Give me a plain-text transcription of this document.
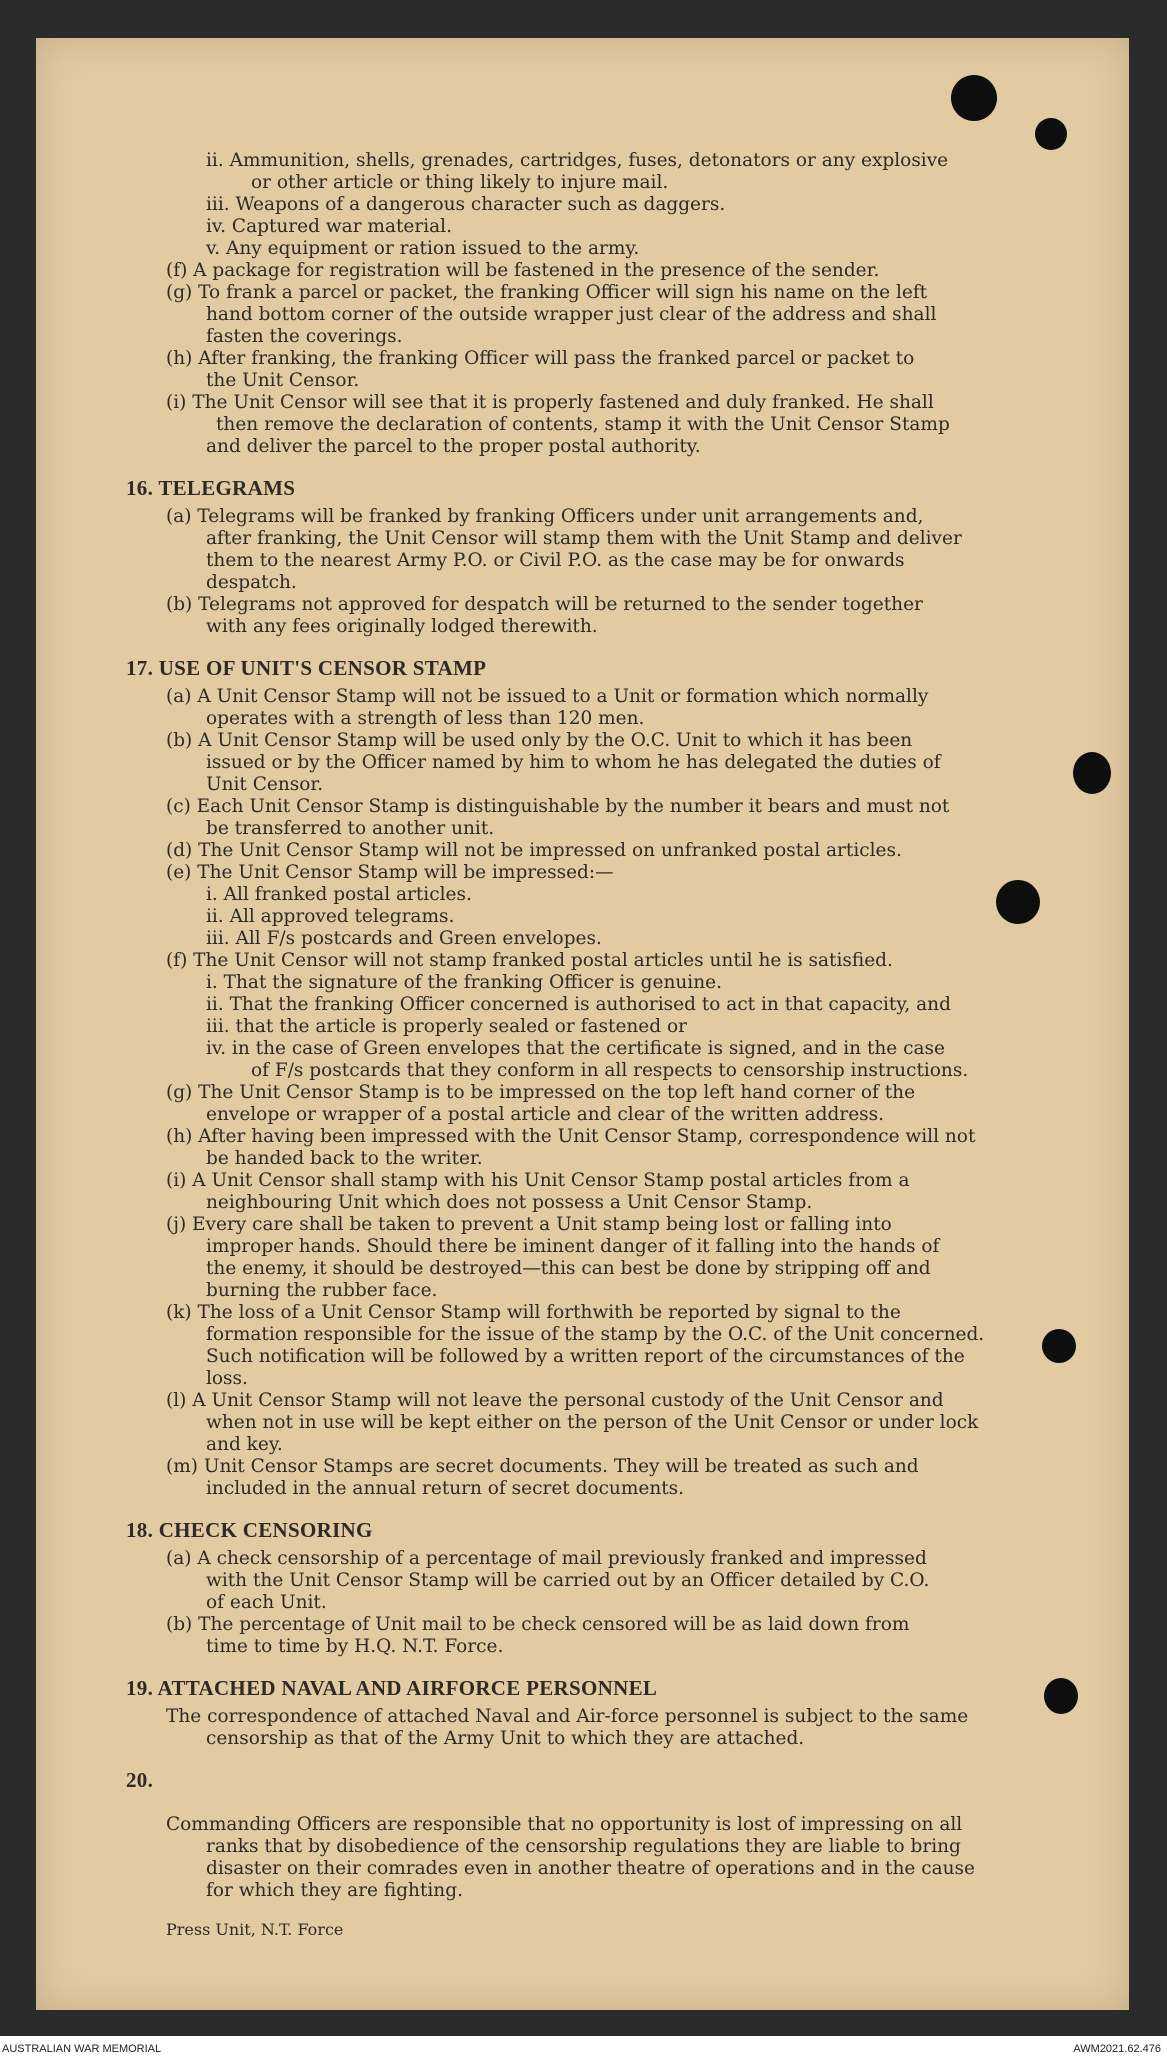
ii. Ammunition, shells, grenades, cartridges, fuses, detonators or any explosive
or other article or thing likely to injure mail.
iii. Weapons of a dangerous character such as daggers.
iv. Captured war material.
v. Any equipment or ration issued to the army.
(f) A package for registration will be fastened in the presence of the sender.
(g) To frank a parcel or packet, the franking Officer will sign his name on the left
hand bottom corner of the outside wrapper just clear of the address and shall
fasten the coverings.
(h) After franking, the franking Officer will pass the franked parcel or packet to
the Unit Censor.
(i) The Unit Censor will see that it is properly fastened and duly franked. He shall
then remove the declaration of contents, stamp it with the Unit Censor Stamp
and deliver the parcel to the proper postal authority.
16. TELEGRAMS
(a) Telegrams will be franked by franking Officers under unit arrangements and,
after franking, the Unit Censor will stamp them with the Unit Stamp and deliver
them to the nearest Army P.O. or Civil P.O. as the case may be for onwards
despatch.
(b) Telegrams not approved for despatch will be returned to the sender together
with any fees originally lodged therewith.
17. USE OF UNIT'S CENSOR STAMP
(a) A Unit Censor Stamp will not be issued to a Unit or formation which normally
operates with a strength of less than 120 men.
(b) A Unit Censor Stamp will be used only by the O.C. Unit to which it has been
issued or by the Officer named by him to whom he has delegated the duties of
Unit Censor.
(c) Each Unit Censor Stamp is distinguishable by the number it bears and must not
be transferred to another unit.
(d) The Unit Censor Stamp will not be impressed on unfranked postal articles.
(e) The Unit Censor Stamp will be impressed:—
i. All franked postal articles.
ii. All approved telegrams.
iii. All F/s postcards and Green envelopes.
(f) The Unit Censor will not stamp franked postal articles until he is satisfied.
i. That the signature of the franking Officer is genuine.
ii. That the franking Officer concerned is authorised to act in that capacity, and
iii. that the article is properly sealed or fastened or
iv. in the case of Green envelopes that the certificate is signed, and in the case
of F/s postcards that they conform in all respects to censorship instructions.
(g) The Unit Censor Stamp is to be impressed on the top left hand corner of the
envelope or wrapper of a postal article and clear of the written address.
(h) After having been impressed with the Unit Censor Stamp, correspondence will not
be handed back to the writer.
(i) A Unit Censor shall stamp with his Unit Censor Stamp postal articles from a
neighbouring Unit which does not possess a Unit Censor Stamp.
(j) Every care shall be taken to prevent a Unit stamp being lost or falling into
improper hands. Should there be iminent danger of it falling into the hands of
the enemy, it should be destroyed—this can best be done by stripping off and
burning the rubber face.
(k) The loss of a Unit Censor Stamp will forthwith be reported by signal to the
formation responsible for the issue of the stamp by the O.C. of the Unit concerned.
Such notification will be followed by a written report of the circumstances of the
loss.
(l) A Unit Censor Stamp will not leave the personal custody of the Unit Censor and
when not in use will be kept either on the person of the Unit Censor or under lock
and key.
(m) Unit Censor Stamps are secret documents. They will be treated as such and
included in the annual return of secret documents.
18. CHECK CENSORING
(a) A check censorship of a percentage of mail previously franked and impressed
with the Unit Censor Stamp will be carried out by an Officer detailed by C.O.
of each Unit.
(b) The percentage of Unit mail to be check censored will be as laid down from
time to time by H.Q. N.T. Force.
19. ATTACHED NAVAL AND AIRFORCE PERSONNEL
The correspondence of attached Naval and Air-force personnel is subject to the same
censorship as that of the Army Unit to which they are attached.
20.
Commanding Officers are responsible that no opportunity is lost of impressing on all
ranks that by disobedience of the censorship regulations they are liable to bring
disaster on their comrades even in another theatre of operations and in the cause
for which they are fighting.
Press Unit, N.T. Force
AUSTRALIAN WAR MEMORIAL	AWM2021.62.476
